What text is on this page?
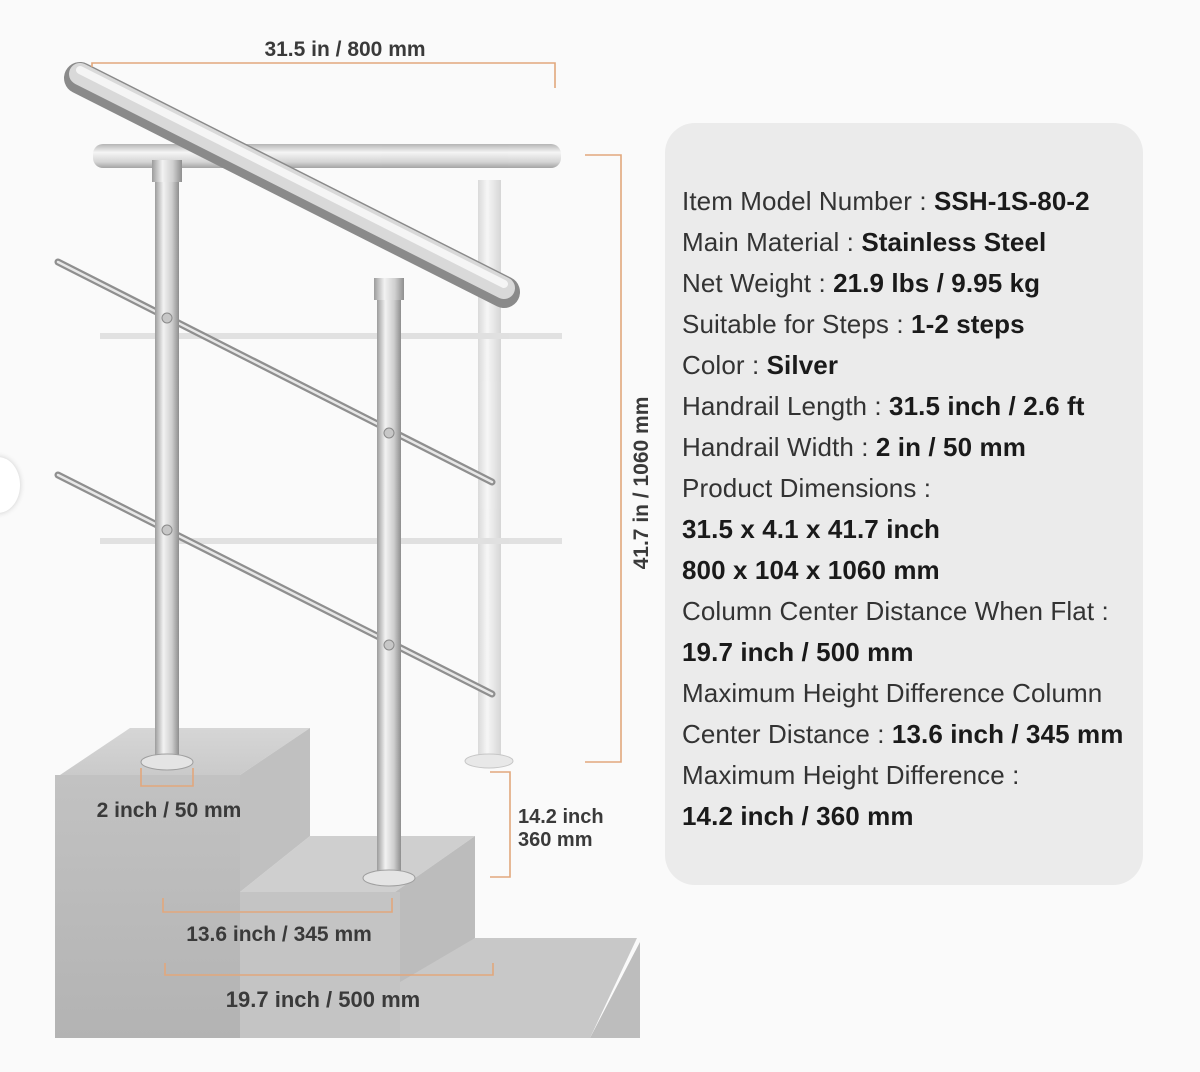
31.5 in / 800 mm
41.7 in / 1060 mm
2 inch / 50 mm	14.2 inch
360 mm
13.6 inch / 345 mm
19.7 inch / 500 mm
Item Model Number : SSH-1S-80-2
Main Material : Stainless Steel
Net Weight : 21.9 lbs / 9.95 kg
Suitable for Steps : 1-2 steps
Color : Silver
Handrail Length : 31.5 inch / 2.6 ft
Handrail Width : 2 in / 50 mm
Product Dimensions :
31.5 x 4.1 x 41.7 inch
800 x 104 x 1060 mm
Column Center Distance When Flat :
19.7 inch / 500 mm
Maximum Height Difference Column
Center Distance : 13.6 inch / 345 mm
Maximum Height Difference :
14.2 inch / 360 mm
